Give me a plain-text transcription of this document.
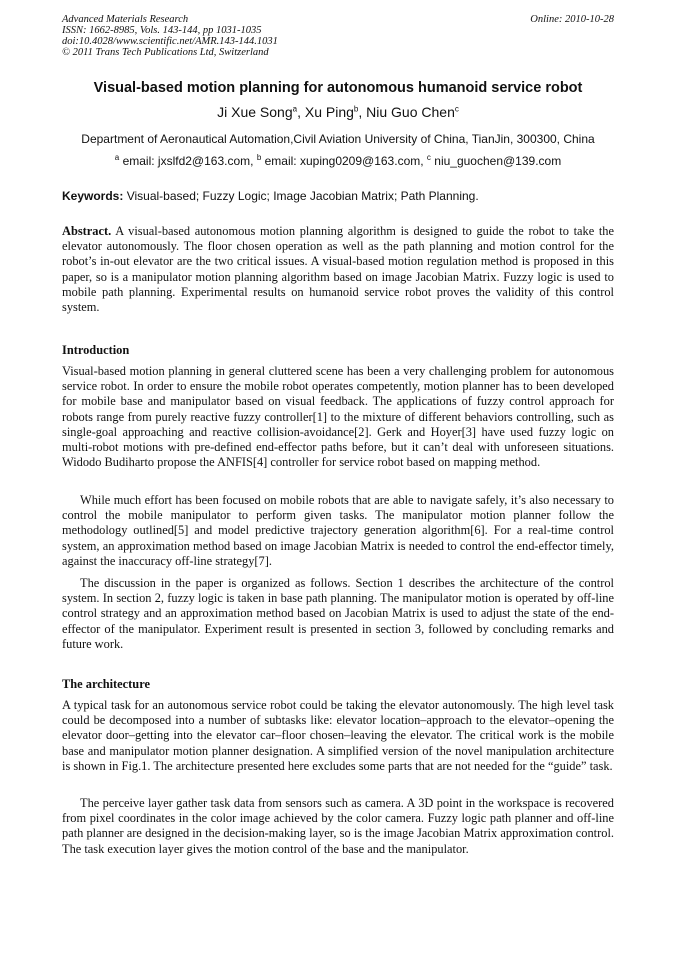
Advanced Materials Research
ISSN: 1662-8985, Vols. 143-144, pp 1031-1035
doi:10.4028/www.scientific.net/AMR.143-144.1031
© 2011 Trans Tech Publications Ltd, Switzerland
Online: 2010-10-28
Visual-based motion planning for autonomous humanoid service robot
Ji Xue Song$^a$, Xu Ping$^b$, Niu Guo Chen$^c$
Department of Aeronautical Automation,Civil Aviation University of China, TianJin, 300300, China
$^a$ email: jxslfd2@163.com, $^b$ email: xuping0209@163.com, $^c$ niu_guochen@139.com
Keywords: Visual-based; Fuzzy Logic; Image Jacobian Matrix; Path Planning.

Abstract. A visual-based autonomous motion planning algorithm is designed to guide the robot to take the elevator autonomously. The floor chosen operation as well as the path planning and motion control for the robot’s in-out elevator are the two critical issues. A visual-based motion regulation method is proposed in this paper, so is a manipulator motion planning algorithm based on image Jacobian Matrix. Fuzzy logic is used to mobile path planning. Experimental results on humanoid service robot proves the validity of this control system.

Introduction

Visual-based motion planning in general cluttered scene has been a very challenging problem for autonomous service robot. In order to ensure the mobile robot operates competently, motion planner has to been developed for mobile base and manipulator based on visual feedback. The applications of fuzzy control approach for robots range from purely reactive fuzzy controller[1] to the mixture of different behaviors controlling, such as single-goal approaching and reactive collision-avoidance[2]. Gerk and Hoyer[3] have used fuzzy logic on multi-robot motions with pre-defined end-effector paths before, but it can’t deal with unforeseen situations. Widodo Budiharto propose the ANFIS[4] controller for service robot based on mapping method.

While much effort has been focused on mobile robots that are able to navigate safely, it’s also necessary to control the mobile manipulator to perform given tasks. The manipulator motion planner follow the methodology outlined[5] and model predictive trajectory generation algorithm[6]. For a real-time control system, an approximation method based on image Jacobian Matrix is needed to control the end-effector timely, against the inaccuracy off-line strategy[7].

The discussion in the paper is organized as follows. Section 1 describes the architecture of the control system. In section 2, fuzzy logic is taken in base path planning. The manipulator motion is operated by off-line control strategy and an approximation method based on Jacobian Matrix is used to adjust the state of the end-effector of the manipulator. Experiment result is presented in section 3, followed by concluding remarks and future work.

The architecture

A typical task for an autonomous service robot could be taking the elevator autonomously. The high level task could be decomposed into a number of subtasks like: elevator location–approach to the elevator–opening the elevator door–getting into the elevator car–floor chosen–leaving the elevator. The critical work is the mobile base and manipulator motion planner designation. A simplified version of the novel manipulation architecture is shown in Fig.1. The architecture presented here excludes some parts that are not needed for the “guide” task.

The perceive layer gather task data from sensors such as camera. A 3D point in the workspace is recovered from pixel coordinates in the color image achieved by the color camera. Fuzzy logic path planner and off-line path planner are designed in the decision-making layer, so is the image Jacobian Matrix approximation control. The task execution layer gives the motion control of the base and the manipulator.
